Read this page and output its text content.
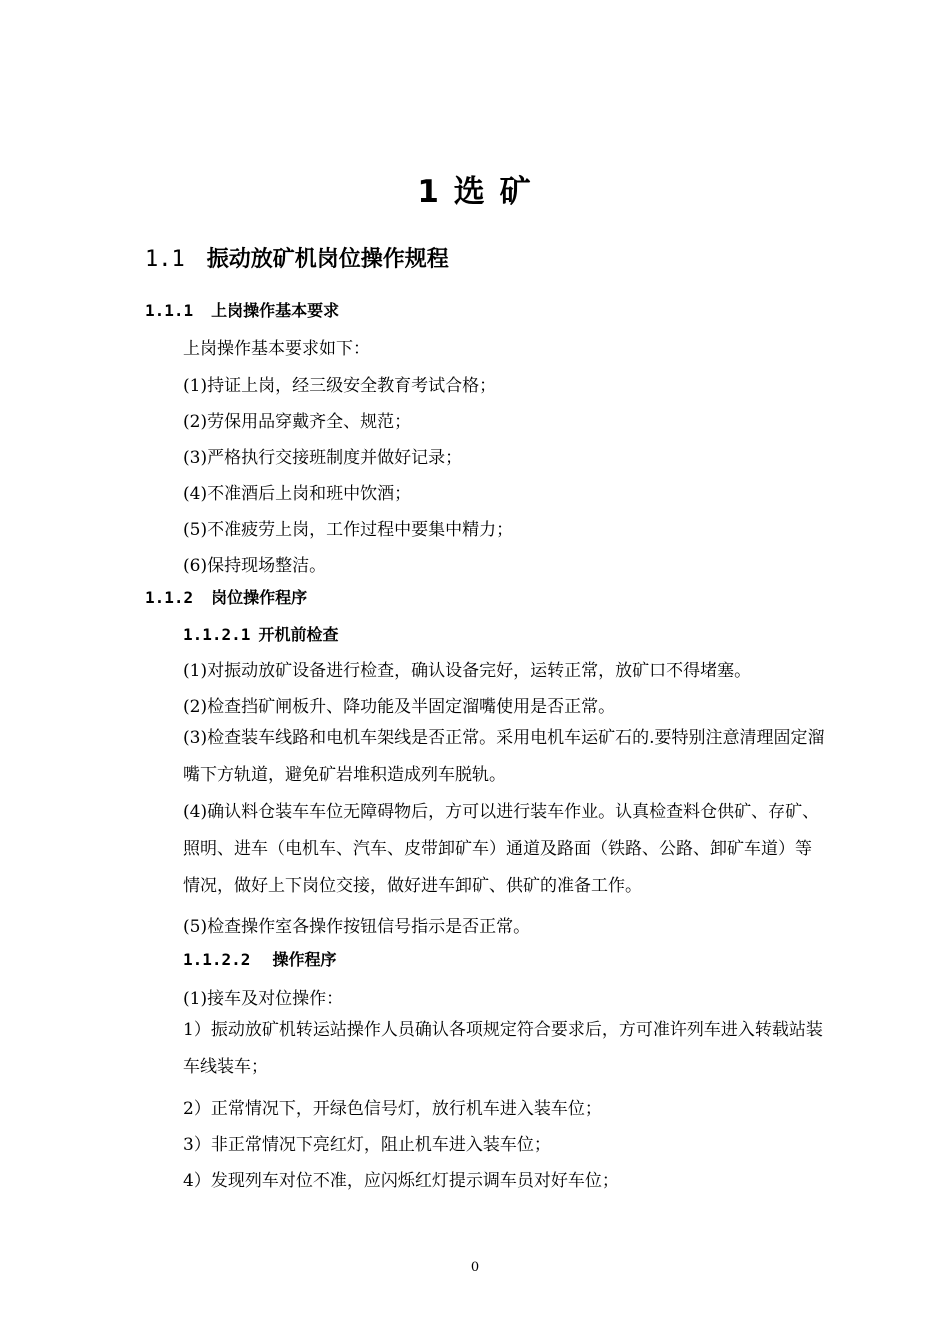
1 选 矿
1.1 振动放矿机岗位操作规程
1.1.1 上岗操作基本要求
上岗操作基本要求如下：
(1)持证上岗，经三级安全教育考试合格；
(2)劳保用品穿戴齐全、规范；
(3)严格执行交接班制度并做好记录；
(4)不准酒后上岗和班中饮酒；
(5)不准疲劳上岗，工作过程中要集中精力；
(6)保持现场整洁。
1.1.2 岗位操作程序
1.1.2.1 开机前检查
(1)对振动放矿设备进行检查，确认设备完好，运转正常，放矿口不得堵塞。
(2)检查挡矿闸板升、降功能及半固定溜嘴使用是否正常。
(3)检查装车线路和电机车架线是否正常。采用电机车运矿石的.要特别注意清理固定溜嘴下方轨道，避免矿岩堆积造成列车脱轨。
(4)确认料仓装车车位无障碍物后，方可以进行装车作业。认真检查料仓供矿、存矿、照明、进车（电机车、汽车、皮带卸矿车）通道及路面（铁路、公路、卸矿车道）等情况，做好上下岗位交接，做好进车卸矿、供矿的准备工作。
(5)检查操作室各操作按钮信号指示是否正常。
1.1.2.2 操作程序
(1)接车及对位操作：
1）振动放矿机转运站操作人员确认各项规定符合要求后，方可准许列车进入转载站装车线装车；
2）正常情况下，开绿色信号灯，放行机车进入装车位；
3）非正常情况下亮红灯，阻止机车进入装车位；
4）发现列车对位不准，应闪烁红灯提示调车员对好车位；
0
